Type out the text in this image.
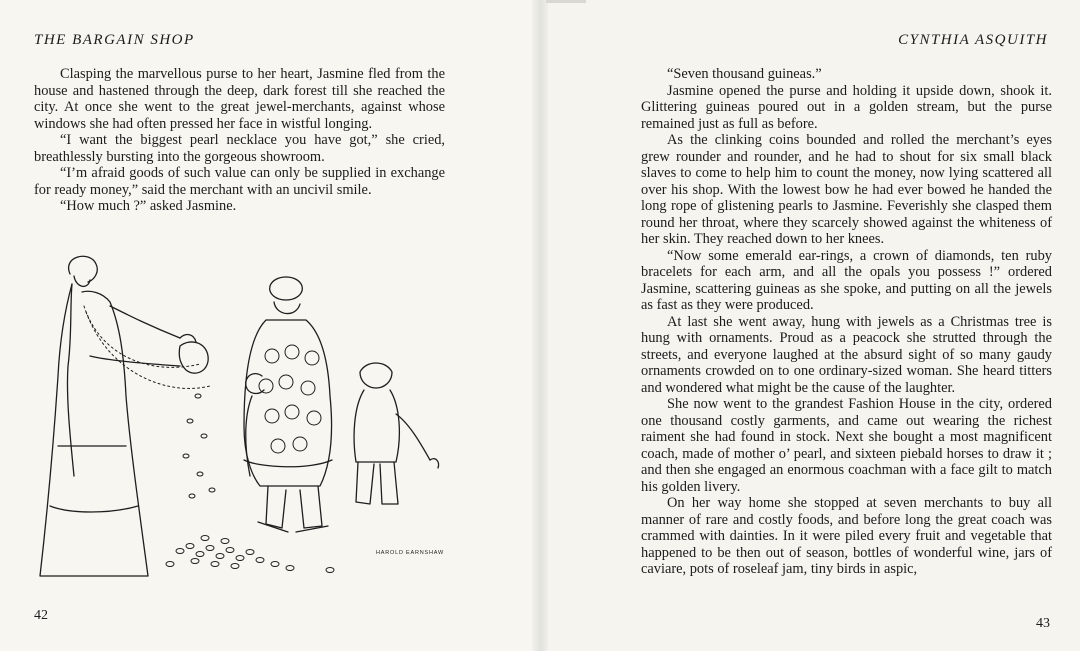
THE BARGAIN SHOP	CYNTHIA ASQUITH

Clasping the marvellous purse to her heart, Jasmine fled from the house and hastened through the deep, dark forest till she reached the city. At once she went to the great jewel-merchants, against whose windows she had often pressed her face in wistful longing.

“I want the biggest pearl necklace you have got,” she cried, breathlessly bursting into the gorgeous showroom.

“I’m afraid goods of such value can only be supplied in exchange for ready money,” said the merchant with an uncivil smile.

“How much ?” asked Jasmine.

HAROLD EARNSHAW
42

“Seven thousand guineas.”

Jasmine opened the purse and holding it upside down, shook it. Glittering guineas poured out in a golden stream, but the purse remained just as full as before.

As the clinking coins bounded and rolled the merchant’s eyes grew rounder and rounder, and he had to shout for six small black slaves to come to help him to count the money, now lying scattered all over his shop. With the lowest bow he had ever bowed he handed the long rope of glistening pearls to Jasmine. Feverishly she clasped them round her throat, where they scarcely showed against the whiteness of her skin. They reached down to her knees.

“Now some emerald ear-rings, a crown of diamonds, ten ruby bracelets for each arm, and all the opals you possess !” ordered Jasmine, scattering guineas as she spoke, and putting on all the jewels as fast as they were produced.

At last she went away, hung with jewels as a Christmas tree is hung with ornaments. Proud as a peacock she strutted through the streets, and everyone laughed at the absurd sight of so many gaudy ornaments crowded on to one ordinary-sized woman. She heard titters and wondered what might be the cause of the laughter.

She now went to the grandest Fashion House in the city, ordered one thousand costly garments, and came out wearing the richest raiment she had found in stock. Next she bought a most magnificent coach, made of mother o’ pearl, and sixteen piebald horses to draw it ; and then she engaged an enormous coachman with a face gilt to match his golden livery.

On her way home she stopped at seven merchants to buy all manner of rare and costly foods, and before long the great coach was crammed with dainties. In it were piled every fruit and vegetable that happened to be then out of season, bottles of wonderful wine, jars of caviare, pots of roseleaf jam, tiny birds in aspic,

43
